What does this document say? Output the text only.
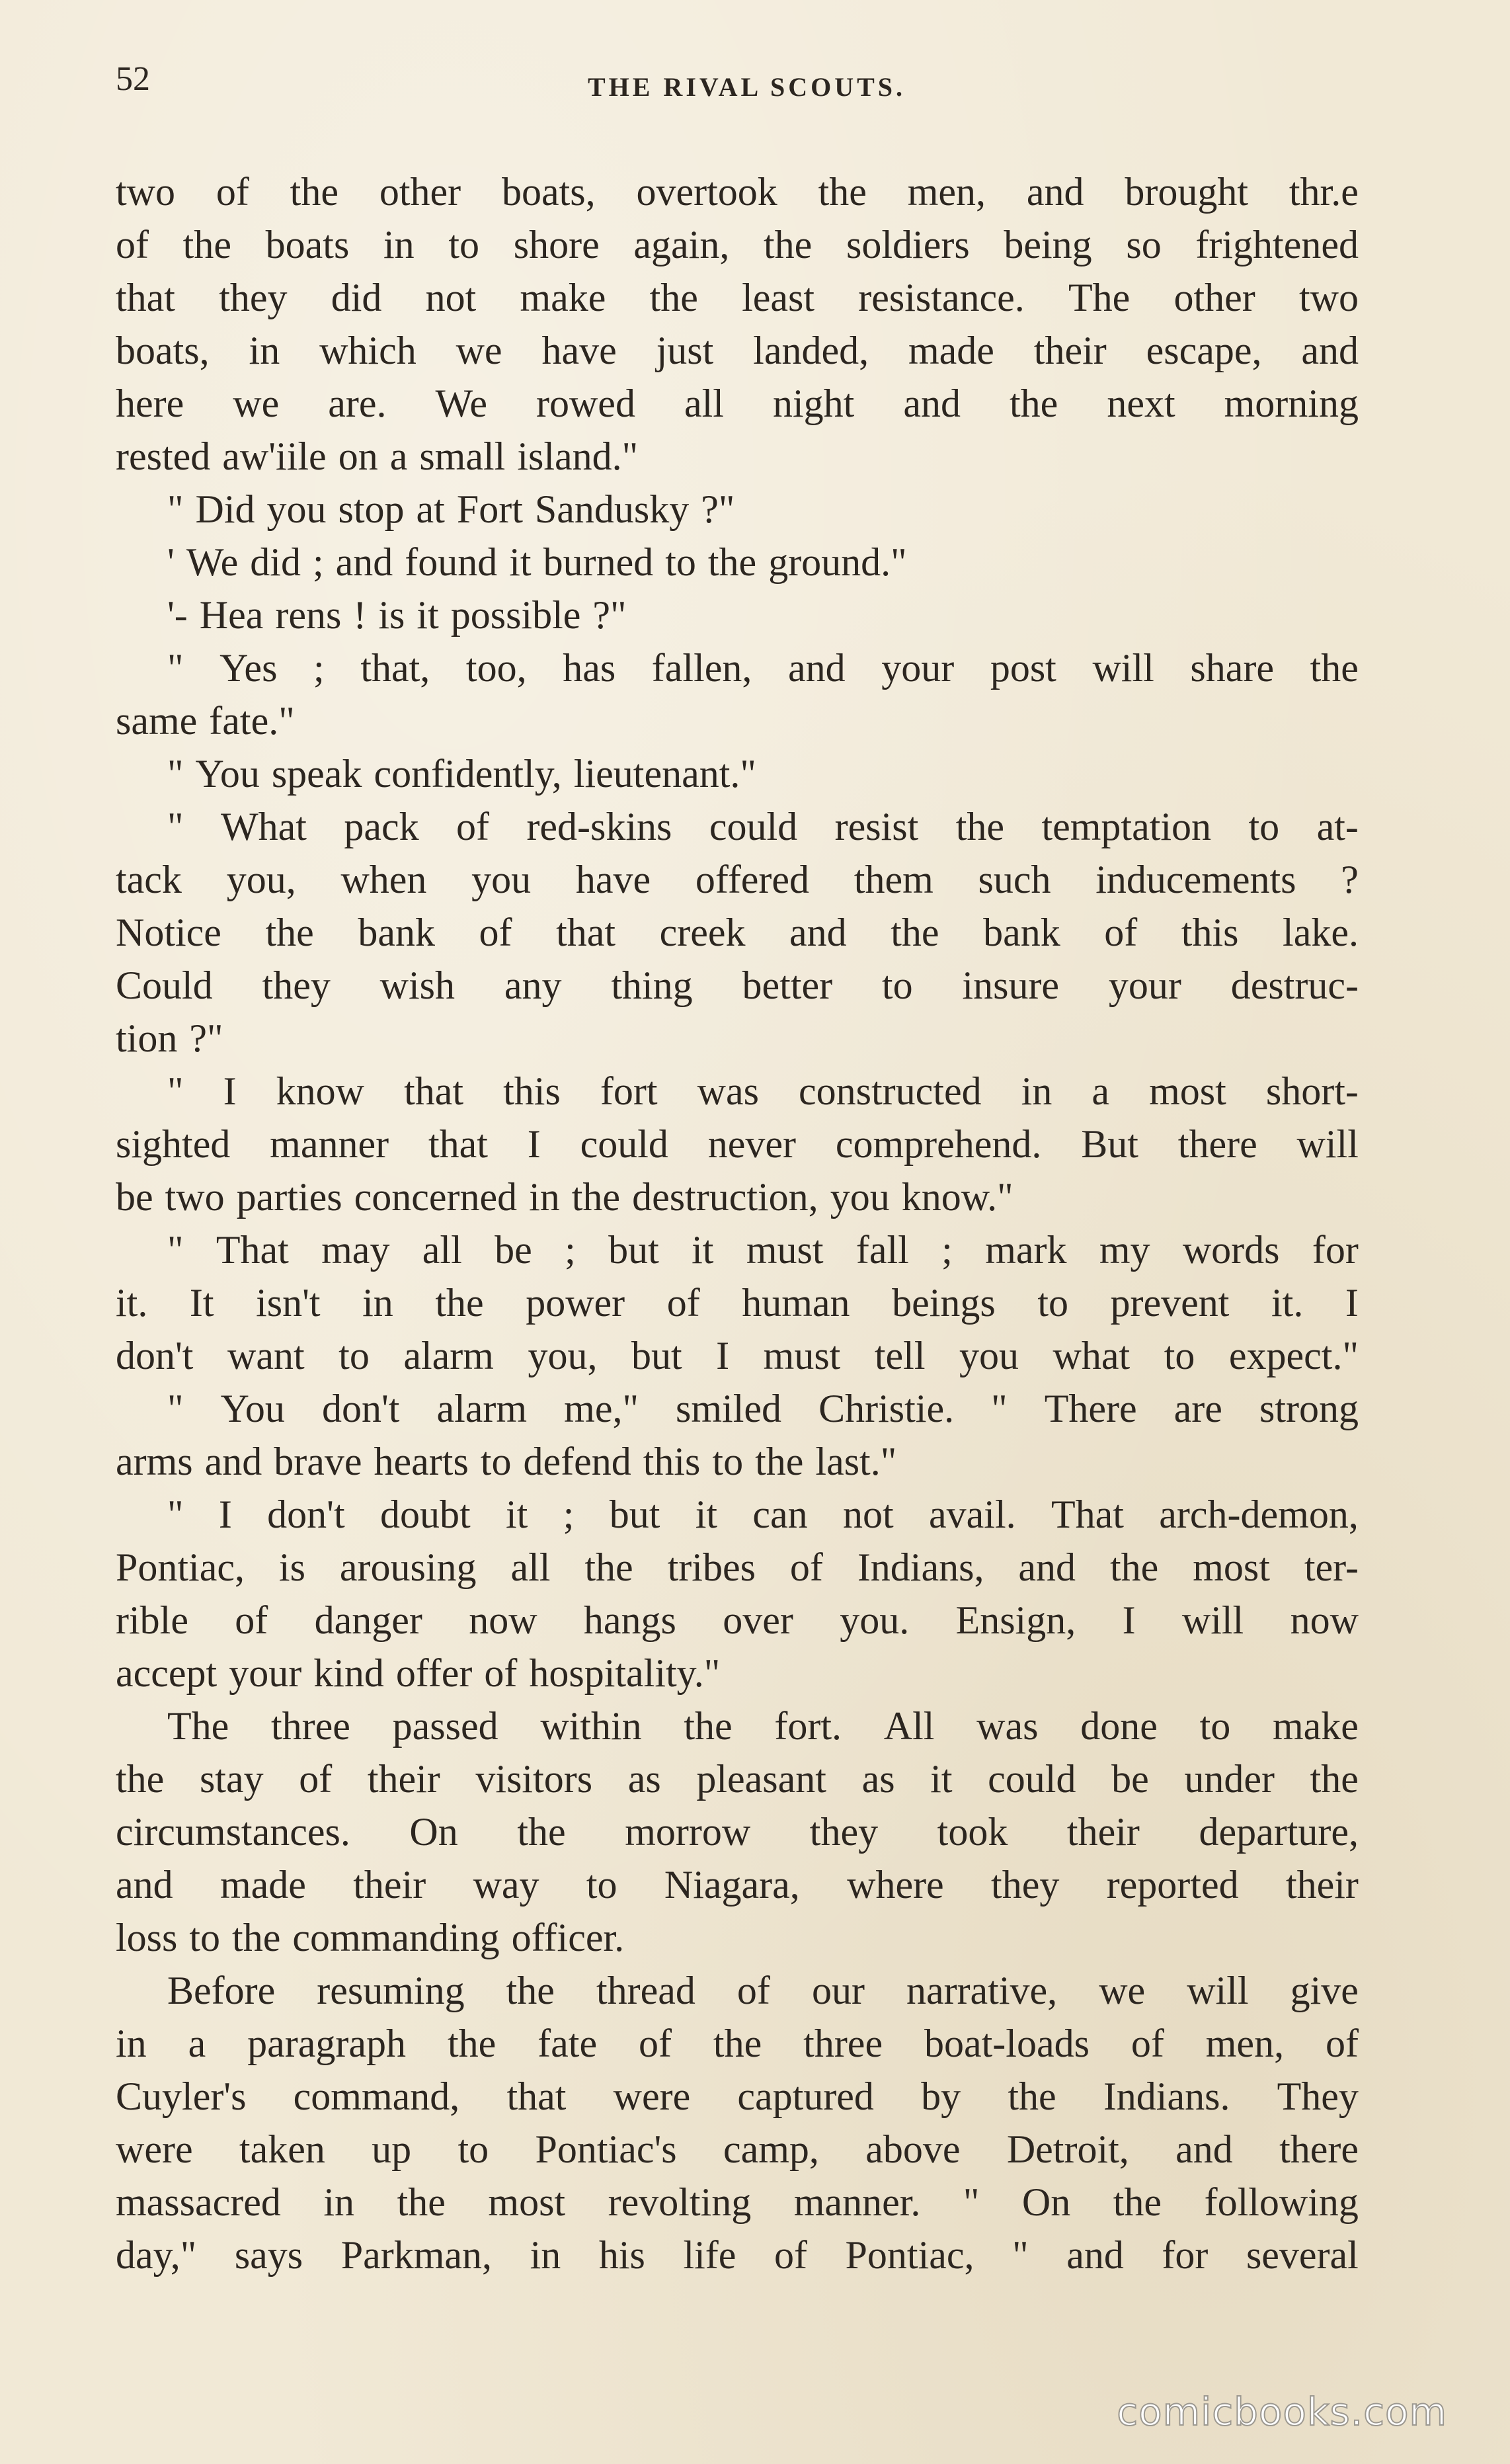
52	THE RIVAL SCOUTS.
two of the other boats, overtook the men, and brought thr.e
of the boats in to shore again, the soldiers being so frightened
that they did not make the least resistance. The other two
boats, in which we have just landed, made their escape, and
here we are. We rowed all night and the next morning
rested aw'iile on a small island."
" Did you stop at Fort Sandusky ?"
' We did ; and found it burned to the ground."
'- Hea rens ! is it possible ?"
" Yes ; that, too, has fallen, and your post will share the
same fate."
" You speak confidently, lieutenant."
" What pack of red-skins could resist the temptation to at-
tack you, when you have offered them such inducements ?
Notice the bank of that creek and the bank of this lake.
Could they wish any thing better to insure your destruc-
tion ?"
" I know that this fort was constructed in a most short-
sighted manner that I could never comprehend. But there will
be two parties concerned in the destruction, you know."
" That may all be ; but it must fall ; mark my words for
it. It isn't in the power of human beings to prevent it. I
don't want to alarm you, but I must tell you what to expect."
" You don't alarm me," smiled Christie. " There are strong
arms and brave hearts to defend this to the last."
" I don't doubt it ; but it can not avail. That arch-demon,
Pontiac, is arousing all the tribes of Indians, and the most ter-
rible of danger now hangs over you. Ensign, I will now
accept your kind offer of hospitality."
The three passed within the fort. All was done to make
the stay of their visitors as pleasant as it could be under the
circumstances. On the morrow they took their departure,
and made their way to Niagara, where they reported their
loss to the commanding officer.
Before resuming the thread of our narrative, we will give
in a paragraph the fate of the three boat-loads of men, of
Cuyler's command, that were captured by the Indians. They
were taken up to Pontiac's camp, above Detroit, and there
massacred in the most revolting manner. " On the following
day," says Parkman, in his life of Pontiac, " and for several
comicbooks.com
